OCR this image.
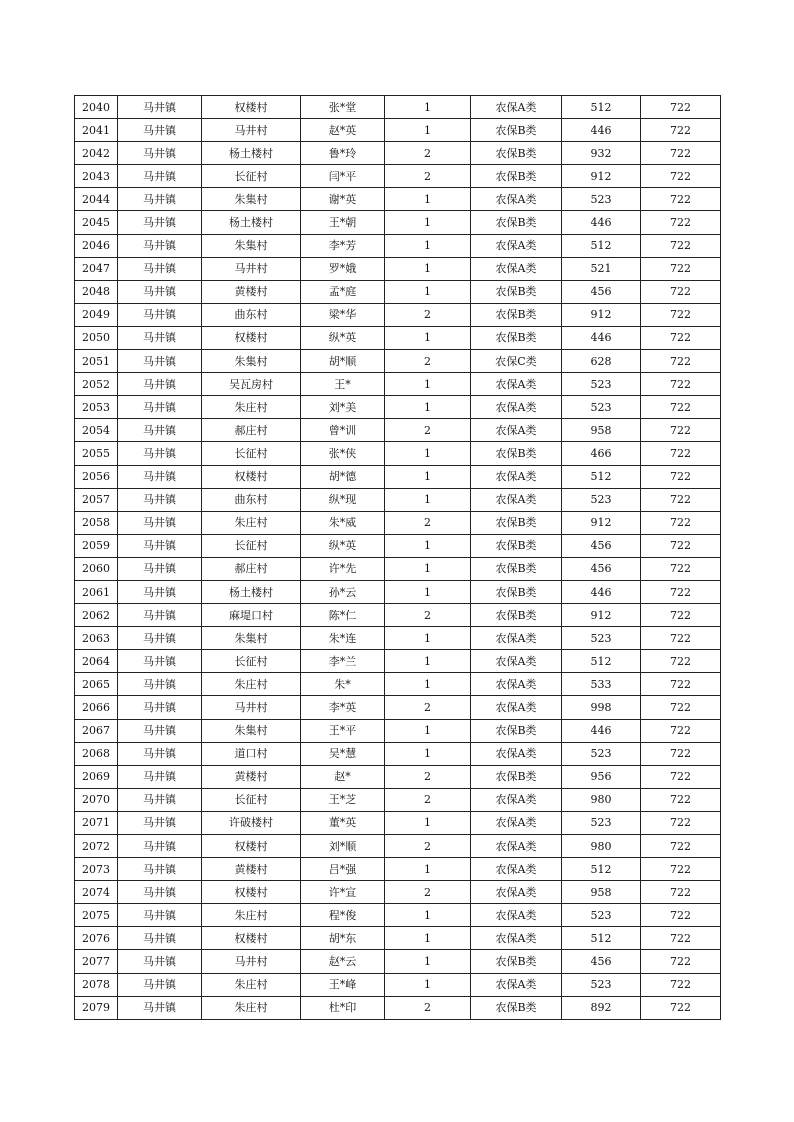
2040	马井镇	权楼村	张*堂	1	农保A类	512	722
2041	马井镇	马井村	赵*英	1	农保B类	446	722
2042	马井镇	杨土楼村	鲁*玲	2	农保B类	932	722
2043	马井镇	长征村	闫*平	2	农保B类	912	722
2044	马井镇	朱集村	谢*英	1	农保A类	523	722
2045	马井镇	杨土楼村	王*朝	1	农保B类	446	722
2046	马井镇	朱集村	李*芳	1	农保A类	512	722
2047	马井镇	马井村	罗*娥	1	农保A类	521	722
2048	马井镇	黄楼村	孟*庭	1	农保B类	456	722
2049	马井镇	曲东村	梁*华	2	农保B类	912	722
2050	马井镇	权楼村	纵*英	1	农保B类	446	722
2051	马井镇	朱集村	胡*顺	2	农保C类	628	722
2052	马井镇	吴瓦房村	王*	1	农保A类	523	722
2053	马井镇	朱庄村	刘*美	1	农保A类	523	722
2054	马井镇	郝庄村	曾*训	2	农保A类	958	722
2055	马井镇	长征村	张*侠	1	农保B类	466	722
2056	马井镇	权楼村	胡*德	1	农保A类	512	722
2057	马井镇	曲东村	纵*现	1	农保A类	523	722
2058	马井镇	朱庄村	朱*威	2	农保B类	912	722
2059	马井镇	长征村	纵*英	1	农保B类	456	722
2060	马井镇	郝庄村	许*先	1	农保B类	456	722
2061	马井镇	杨土楼村	孙*云	1	农保B类	446	722
2062	马井镇	麻堤口村	陈*仁	2	农保B类	912	722
2063	马井镇	朱集村	朱*连	1	农保A类	523	722
2064	马井镇	长征村	李*兰	1	农保A类	512	722
2065	马井镇	朱庄村	朱*	1	农保A类	533	722
2066	马井镇	马井村	李*英	2	农保A类	998	722
2067	马井镇	朱集村	王*平	1	农保B类	446	722
2068	马井镇	道口村	吴*慧	1	农保A类	523	722
2069	马井镇	黄楼村	赵*	2	农保B类	956	722
2070	马井镇	长征村	王*芝	2	农保A类	980	722
2071	马井镇	许破楼村	董*英	1	农保A类	523	722
2072	马井镇	权楼村	刘*顺	2	农保A类	980	722
2073	马井镇	黄楼村	吕*强	1	农保A类	512	722
2074	马井镇	权楼村	许*宣	2	农保A类	958	722
2075	马井镇	朱庄村	程*俊	1	农保A类	523	722
2076	马井镇	权楼村	胡*东	1	农保A类	512	722
2077	马井镇	马井村	赵*云	1	农保B类	456	722
2078	马井镇	朱庄村	王*峰	1	农保A类	523	722
2079	马井镇	朱庄村	杜*印	2	农保B类	892	722
